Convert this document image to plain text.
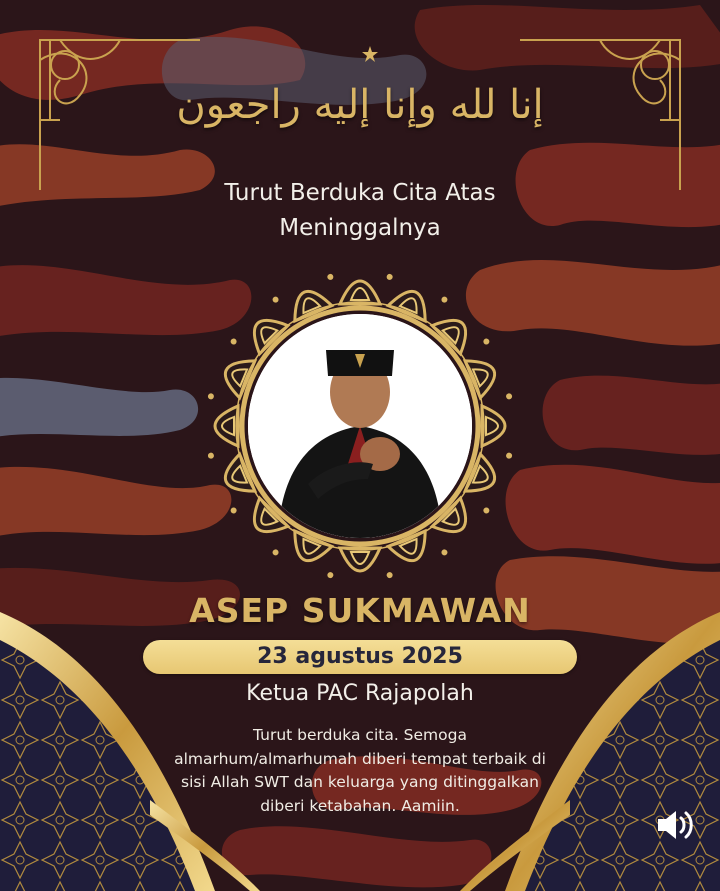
إنا لله وإنا إليه راجعون
Turut Berduka Cita Atas
Meninggalnya
ASEP SUKMAWAN
23 agustus 2025
Ketua PAC Rajapolah
Turut berduka cita. Semoga
almarhum/almarhumah diberi tempat terbaik di
sisi Allah SWT dan keluarga yang ditinggalkan
diberi ketabahan. Aamiin.
